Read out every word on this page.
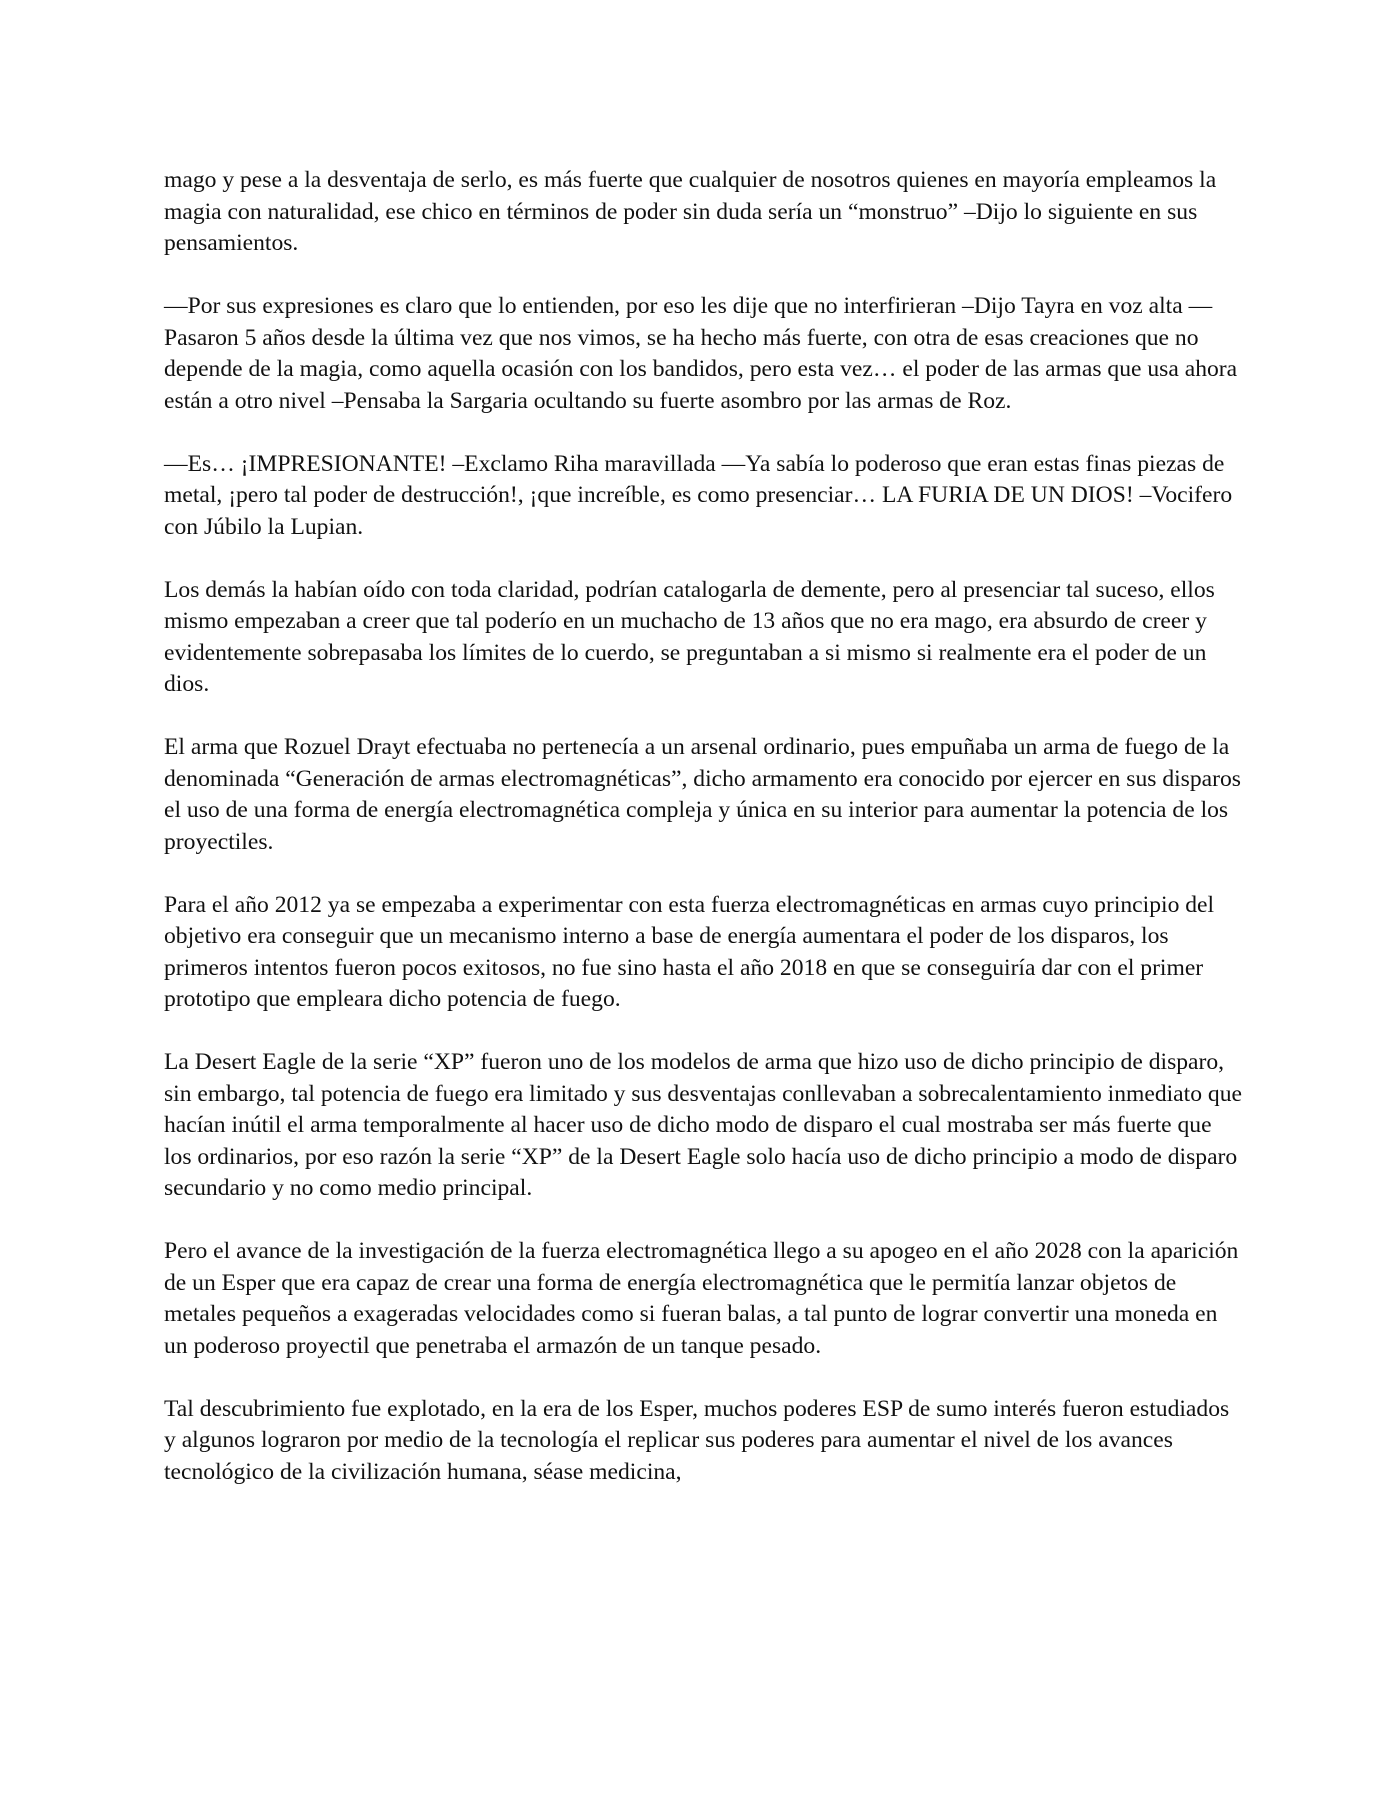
mago y pese a la desventaja de serlo, es más fuerte que cualquier de nosotros quienes en mayoría empleamos la magia con naturalidad, ese chico en términos de poder sin duda sería un “monstruo” –Dijo lo siguiente en sus pensamientos.

—Por sus expresiones es claro que lo entienden, por eso les dije que no interfirieran –Dijo Tayra en voz alta —Pasaron 5 años desde la última vez que nos vimos, se ha hecho más fuerte, con otra de esas creaciones que no depende de la magia, como aquella ocasión con los bandidos, pero esta vez… el poder de las armas que usa ahora están a otro nivel –Pensaba la Sargaria ocultando su fuerte asombro por las armas de Roz.

—Es… ¡IMPRESIONANTE! –Exclamo Riha maravillada —Ya sabía lo poderoso que eran estas finas piezas de metal, ¡pero tal poder de destrucción!, ¡que increíble, es como presenciar… LA FURIA DE UN DIOS! –Vocifero con Júbilo la Lupian.

Los demás la habían oído con toda claridad, podrían catalogarla de demente, pero al presenciar tal suceso, ellos mismo empezaban a creer que tal poderío en un muchacho de 13 años que no era mago, era absurdo de creer y evidentemente sobrepasaba los límites de lo cuerdo, se preguntaban a si mismo si realmente era el poder de un dios.

El arma que Rozuel Drayt efectuaba no pertenecía a un arsenal ordinario, pues empuñaba un arma de fuego de la denominada “Generación de armas electromagnéticas”, dicho armamento era conocido por ejercer en sus disparos el uso de una forma de energía electromagnética compleja y única en su interior para aumentar la potencia de los proyectiles.

Para el año 2012 ya se empezaba a experimentar con esta fuerza electromagnéticas en armas cuyo principio del objetivo era conseguir que un mecanismo interno a base de energía aumentara el poder de los disparos, los primeros intentos fueron pocos exitosos, no fue sino hasta el año 2018 en que se conseguiría dar con el primer prototipo que empleara dicho potencia de fuego.

La Desert Eagle de la serie “XP” fueron uno de los modelos de arma que hizo uso de dicho principio de disparo, sin embargo, tal potencia de fuego era limitado y sus desventajas conllevaban a sobrecalentamiento inmediato que hacían inútil el arma temporalmente al hacer uso de dicho modo de disparo el cual mostraba ser más fuerte que los ordinarios, por eso razón la serie “XP” de la Desert Eagle solo hacía uso de dicho principio a modo de disparo secundario y no como medio principal.

Pero el avance de la investigación de la fuerza electromagnética llego a su apogeo en el año 2028 con la aparición de un Esper que era capaz de crear una forma de energía electromagnética que le permitía lanzar objetos de metales pequeños a exageradas velocidades como si fueran balas, a tal punto de lograr convertir una moneda en un poderoso proyectil que penetraba el armazón de un tanque pesado.

Tal descubrimiento fue explotado, en la era de los Esper, muchos poderes ESP de sumo interés fueron estudiados y algunos lograron por medio de la tecnología el replicar sus poderes para aumentar el nivel de los avances tecnológico de la civilización humana, séase medicina,
